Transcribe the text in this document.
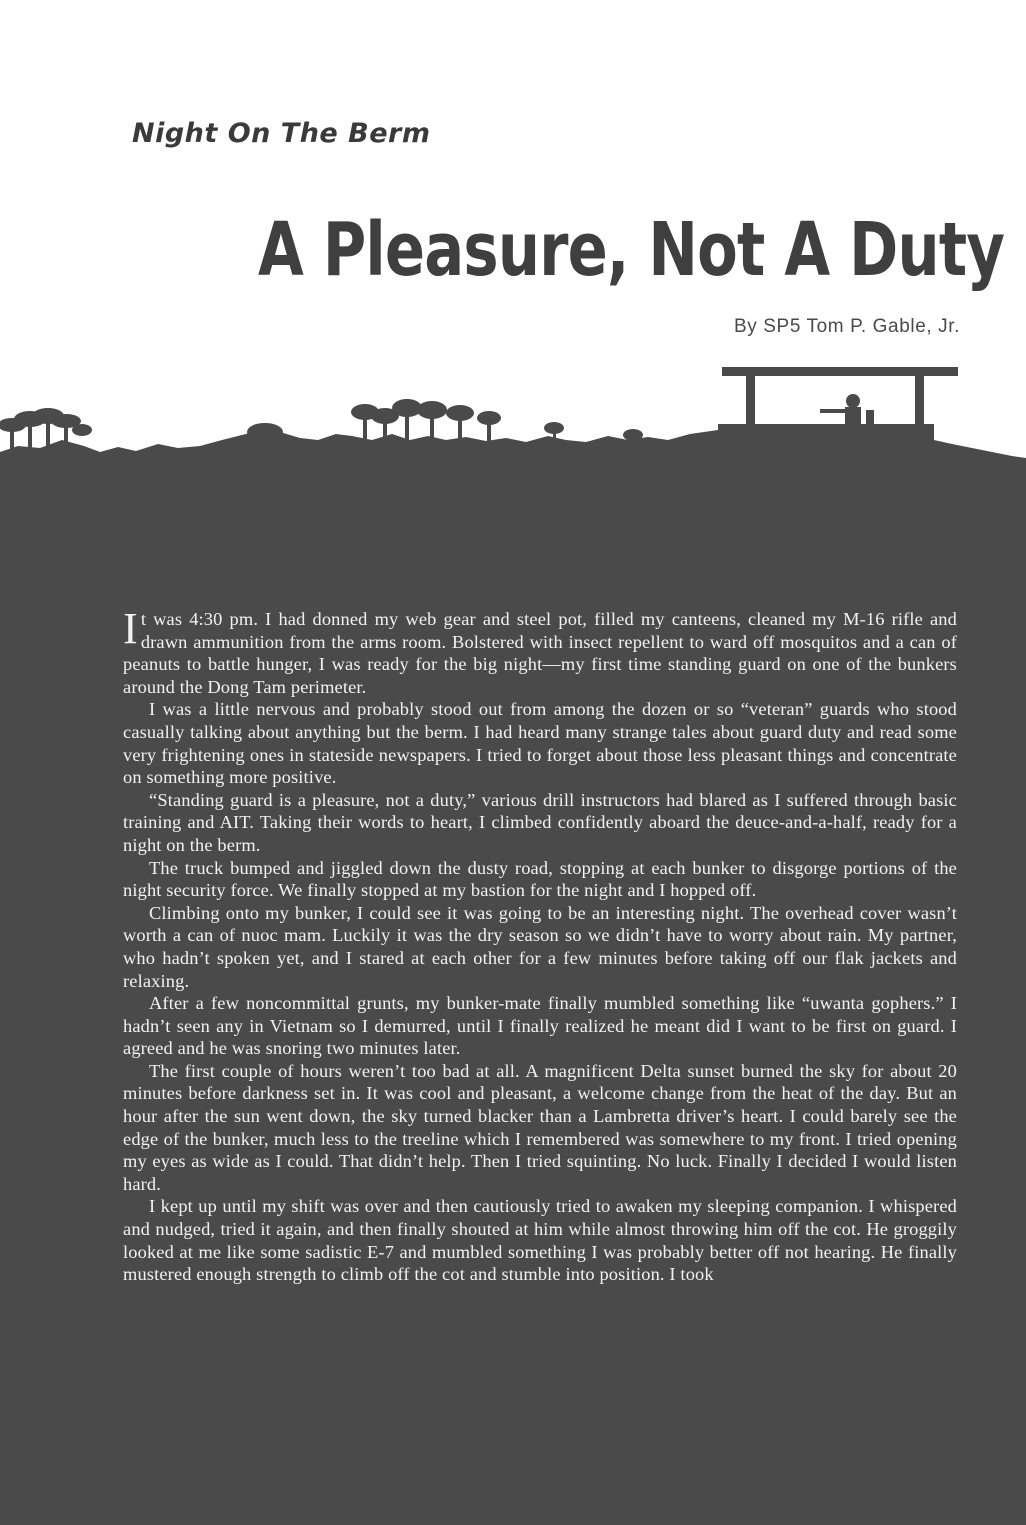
Night On The Berm
A Pleasure, Not A Duty
By SP5 Tom P. Gable, Jr.

It was 4:30 pm. I had donned my web gear and steel pot, filled my canteens, cleaned my M-16 rifle and drawn ammunition from the arms room. Bolstered with insect repellent to ward off mosquitos and a can of peanuts to battle hunger, I was ready for the big night—my first time standing guard on one of the bunkers around the Dong Tam perimeter.

I was a little nervous and probably stood out from among the dozen or so “veteran” guards who stood casually talking about anything but the berm. I had heard many strange tales about guard duty and read some very frightening ones in stateside newspapers. I tried to forget about those less pleasant things and concentrate on something more positive.

“Standing guard is a pleasure, not a duty,” various drill instructors had blared as I suffered through basic training and AIT. Taking their words to heart, I climbed confidently aboard the deuce-and-a-half, ready for a night on the berm.

The truck bumped and jiggled down the dusty road, stopping at each bunker to disgorge portions of the night security force. We finally stopped at my bastion for the night and I hopped off.

Climbing onto my bunker, I could see it was going to be an interesting night. The overhead cover wasn’t worth a can of nuoc mam. Luckily it was the dry season so we didn’t have to worry about rain. My partner, who hadn’t spoken yet, and I stared at each other for a few minutes before taking off our flak jackets and relaxing.

After a few noncommittal grunts, my bunker-mate finally mumbled something like “uwanta gophers.” I hadn’t seen any in Vietnam so I demurred, until I finally realized he meant did I want to be first on guard. I agreed and he was snoring two minutes later.

The first couple of hours weren’t too bad at all. A magnificent Delta sunset burned the sky for about 20 minutes before darkness set in. It was cool and pleasant, a welcome change from the heat of the day. But an hour after the sun went down, the sky turned blacker than a Lambretta driver’s heart. I could barely see the edge of the bunker, much less to the treeline which I remembered was somewhere to my front. I tried opening my eyes as wide as I could. That didn’t help. Then I tried squinting. No luck. Finally I decided I would listen hard.

I kept up until my shift was over and then cautiously tried to awaken my sleeping companion. I whispered and nudged, tried it again, and then finally shouted at him while almost throwing him off the cot. He groggily looked at me like some sadistic E-7 and mumbled something I was probably better off not hearing. He finally mustered enough strength to climb off the cot and stumble into position. I took
